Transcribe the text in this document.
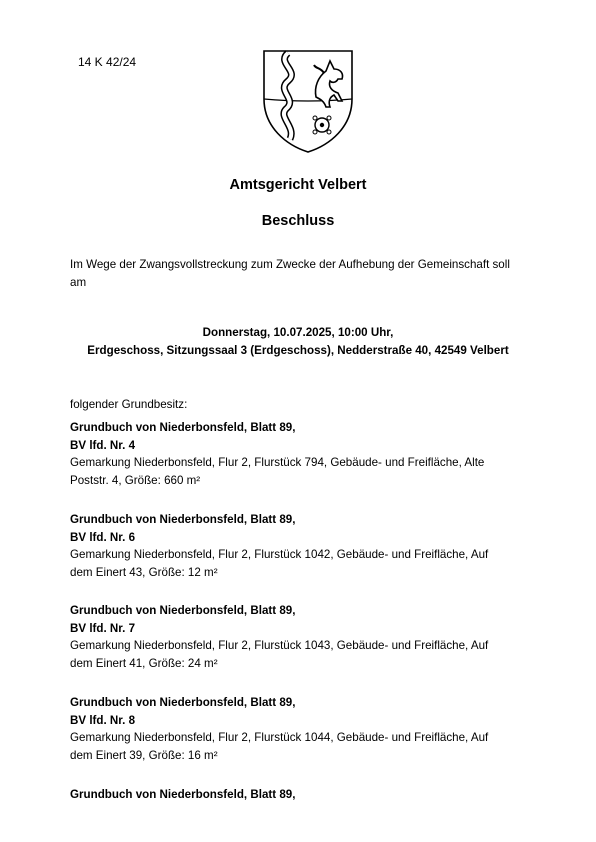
14 K 42/24
Amtsgericht Velbert
Beschluss
Im Wege der Zwangsvollstreckung zum Zwecke der Aufhebung der Gemeinschaft soll am
Donnerstag, 10.07.2025, 10:00 Uhr,
Erdgeschoss, Sitzungssaal 3 (Erdgeschoss), Nedderstraße 40, 42549 Velbert
folgender Grundbesitz:
Grundbuch von Niederbonsfeld, Blatt 89,
BV lfd. Nr. 4
Gemarkung Niederbonsfeld, Flur 2, Flurstück 794, Gebäude- und Freifläche, Alte
Poststr. 4, Größe: 660 m²
Grundbuch von Niederbonsfeld, Blatt 89,
BV lfd. Nr. 6
Gemarkung Niederbonsfeld, Flur 2, Flurstück 1042, Gebäude- und Freifläche, Auf
dem Einert 43, Größe: 12 m²
Grundbuch von Niederbonsfeld, Blatt 89,
BV lfd. Nr. 7
Gemarkung Niederbonsfeld, Flur 2, Flurstück 1043, Gebäude- und Freifläche, Auf
dem Einert 41, Größe: 24 m²
Grundbuch von Niederbonsfeld, Blatt 89,
BV lfd. Nr. 8
Gemarkung Niederbonsfeld, Flur 2, Flurstück 1044, Gebäude- und Freifläche, Auf
dem Einert 39, Größe: 16 m²
Grundbuch von Niederbonsfeld, Blatt 89,
